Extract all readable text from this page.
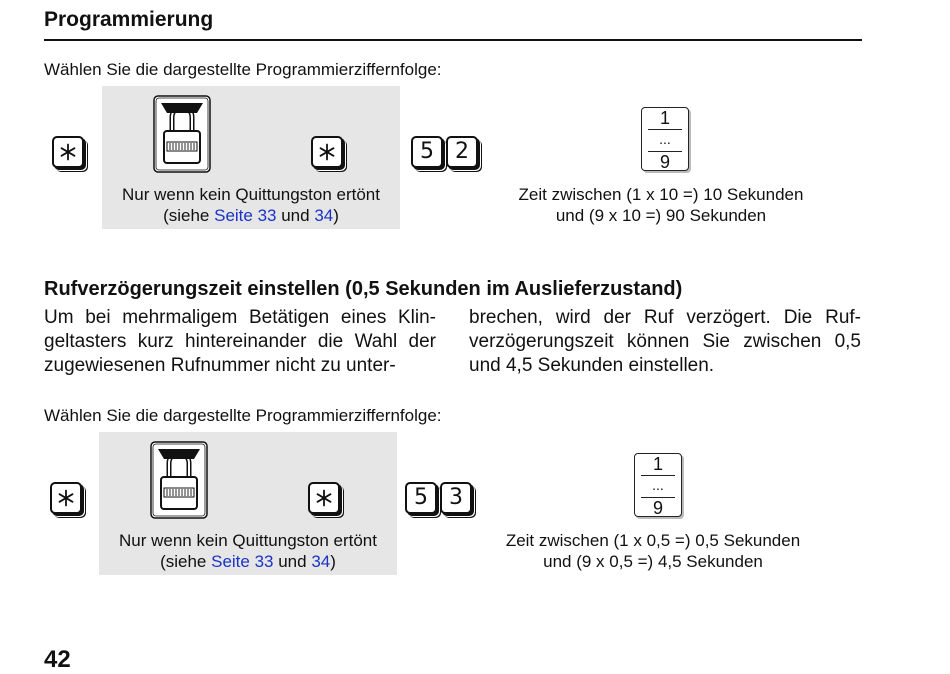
Programmierung
Wählen Sie die dargestellte Programmierziffernfolge:
Nur wenn kein Quittungston ertönt
(siehe Seite 33 und 34)
5 2
1
...
9
Zeit zwischen (1 x 10 =) 10 Sekunden
und (9 x 10 =) 90 Sekunden
Rufverzögerungszeit einstellen (0,5 Sekunden im Auslieferzustand)
Um bei mehrmaligem Betätigen eines Klin-geltasters kurz hintereinander die Wahl der zugewiesenen Rufnummer nicht zu unter-
brechen, wird der Ruf verzögert. Die Ruf-verzögerungszeit können Sie zwischen 0,5 und 4,5 Sekunden einstellen.
Wählen Sie die dargestellte Programmierziffernfolge:
Nur wenn kein Quittungston ertönt
(siehe Seite 33 und 34)
5 3
1
...
9
Zeit zwischen (1 x 0,5 =) 0,5 Sekunden
und (9 x 0,5 =) 4,5 Sekunden
42
